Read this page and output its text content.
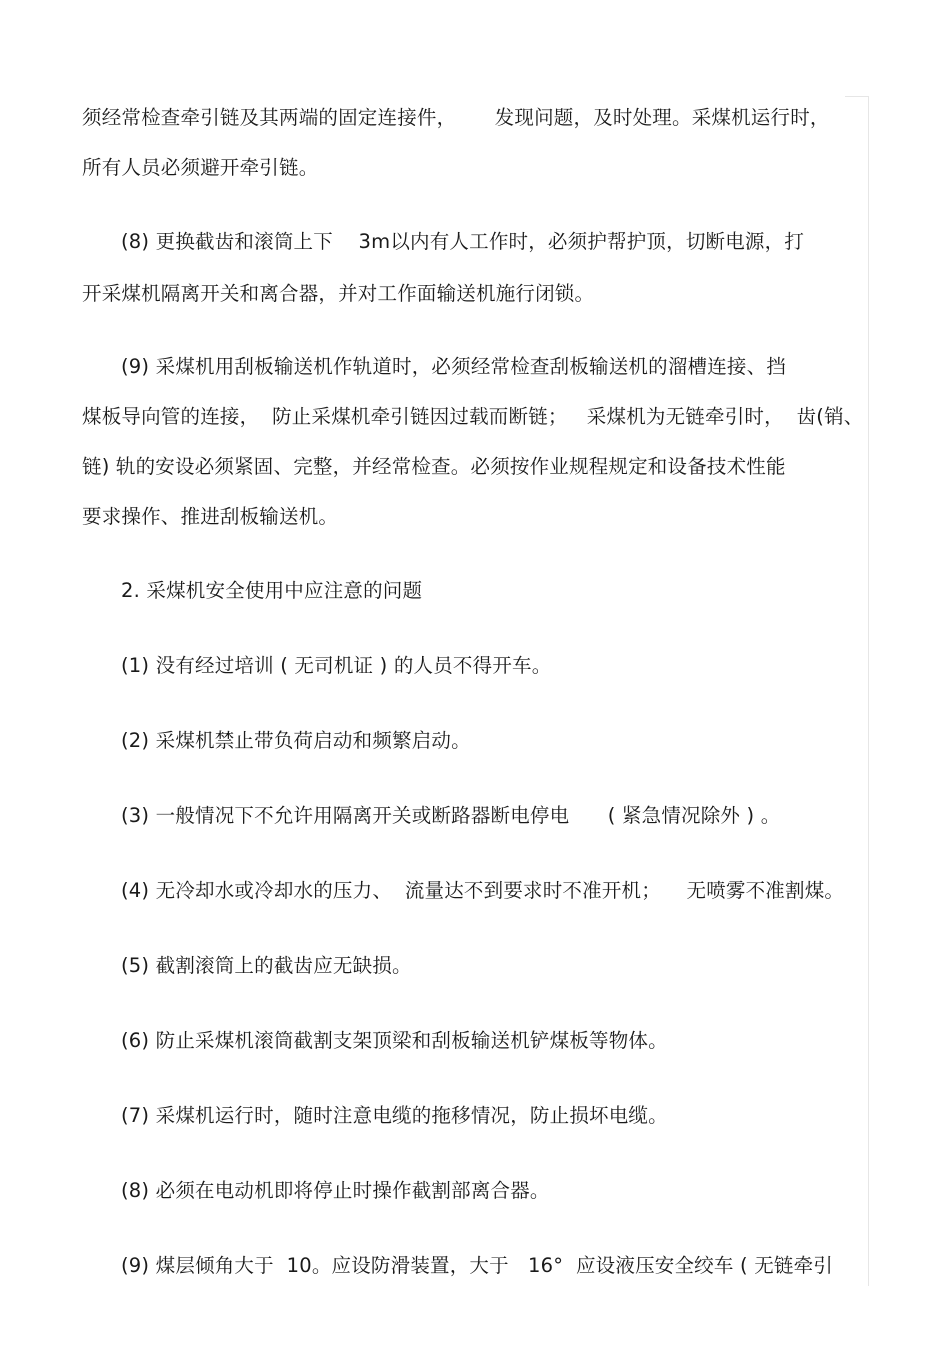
须经常检查牵引链及其两端的固定连接件，      发现问题，及时处理。采煤机运行时，
所有人员必须避开牵引链。
(8) 更换截齿和滚筒上下    3m以内有人工作时，必须护帮护顶，切断电源，打
开采煤机隔离开关和离合器，并对工作面输送机施行闭锁。
(9) 采煤机用刮板输送机作轨道时，必须经常检查刮板输送机的溜槽连接、挡
煤板导向管的连接，  防止采煤机牵引链因过载而断链；   采煤机为无链牵引时，  齿(销、
链) 轨的安设必须紧固、完整，并经常检查。必须按作业规程规定和设备技术性能
要求操作、推进刮板输送机。
2. 采煤机安全使用中应注意的问题
(1) 没有经过培训 ( 无司机证 ) 的人员不得开车。
(2) 采煤机禁止带负荷启动和频繁启动。
(3) 一般情况下不允许用隔离开关或断路器断电停电      ( 紧急情况除外 ) 。
(4) 无冷却水或冷却水的压力、  流量达不到要求时不准开机；    无喷雾不准割煤。
(5) 截割滚筒上的截齿应无缺损。
(6) 防止采煤机滚筒截割支架顶梁和刮板输送机铲煤板等物体。
(7) 采煤机运行时，随时注意电缆的拖移情况，防止损坏电缆。
(8) 必须在电动机即将停止时操作截割部离合器。
(9) 煤层倾角大于  10。应设防滑装置，大于   16°  应设液压安全绞车 ( 无链牵引
